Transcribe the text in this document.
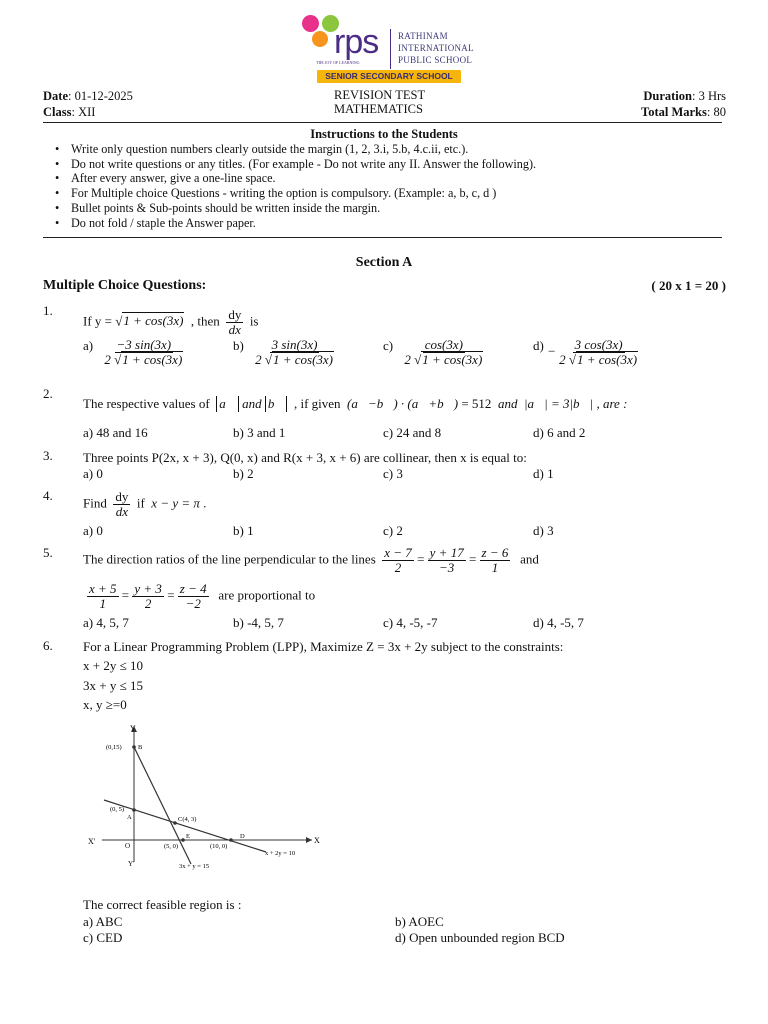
rps
THE JOY OF LEARNING
RATHINAM
INTERNATIONAL
PUBLIC SCHOOL
SENIOR SECONDARY SCHOOL
Date: 01-12-2025
Class: XII
REVISION TEST
MATHEMATICS
Duration: 3 Hrs
Total Marks: 80
Instructions to the Students
• Write only question numbers clearly outside the margin (1, 2, 3.i, 5.b, 4.c.ii, etc.).
• Do not write questions or any titles. (For example - Do not write any II. Answer the following).
• After every answer, give a one-line space.
• For Multiple choice Questions - writing the option is compulsory. (Example: a, b, c, d )
• Bullet points & Sub-points should be written inside the margin.
• Do not fold / staple the Answer paper.
Section A
Multiple Choice Questions:	( 20 x 1 = 20 )
1.
If y = √1 + cos(3x) , then $\frac{dy}{dx}$ is
$a) \frac{-3 \sin(3x)}{2 √1 + \cos(3x)}$	$b) \frac{3 \sin(3x)}{2 √1 + \cos(3x)}$	$c) \frac{\cos(3x)}{2 √1 + \cos(3x)}$	$d) - \frac{3 \cos(3x)}{2 √1 + \cos(3x)}$
2.
The respective values of a⃗ and b⃗ , if given (a⃗−b⃗) · (a⃗+b⃗) = 512 and |a⃗| = 3|b⃗| , are :
a) 48 and 16	b) 3 and 1	c) 24 and 8	d) 6 and 2
3. Three points P(2x, x + 3), Q(0, x) and R(x + 3, x + 6) are collinear, then x is equal to:
a) 0	b) 2	c) 3	d) 1
4. Find $\frac{dy}{dx}$ if x − y = π .
a) 0	b) 1	c) 2	d) 3
5. The direction ratios of the line perpendicular to the lines $\frac{x - 7}{2} = \frac{y + 17}{-3} = \frac{z - 6}{1}$ and
$\frac{x + 5}{1} = \frac{y + 3}{2} = \frac{z - 4}{-2}$ are proportional to
a) 4, 5, 7	b) -4, 5, 7	c) 4, -5, -7	d) 4, -5, 7
6. For a Linear Programming Problem (LPP), Maximize Z = 3x + 2y subject to the constraints:
x + 2y ≤ 10
3x + y ≤ 15
x, y ≥=0
Y
X
X′
Y′
O
(0,15)	B
(0, 5)
A	C(4, 3)
E
(5, 0)
D
(10, 0)
x + 2y = 10
3x + y = 15
The correct feasible region is :
a) ABC	b) AOEC
c) CED	d) Open unbounded region BCD
